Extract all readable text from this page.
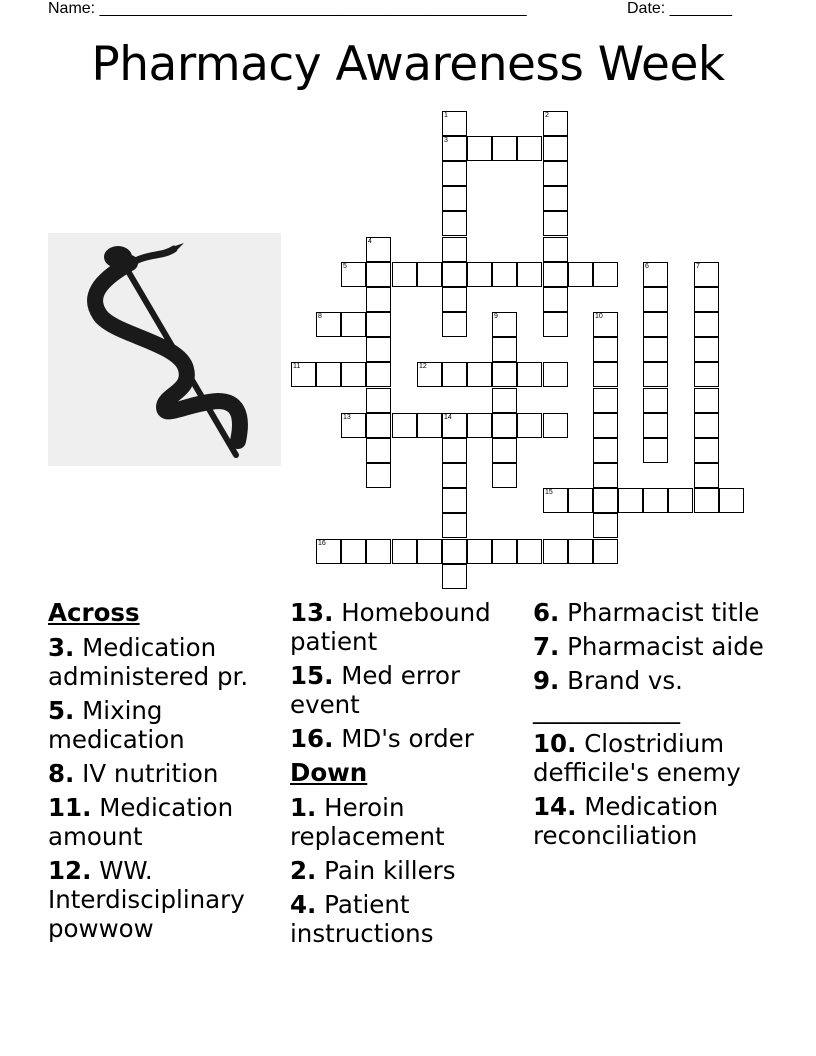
Name: ________________________________________________	Date: _______
Pharmacy Awareness Week
1	2
3
4
5	6	7
8	9	10
11	12
13	14
15
16
Across
3. Medication administered pr.
5. Mixing medication
8. IV nutrition
11. Medication amount
12. WW. Interdisciplinary powwow
13. Homebound patient
15. Med error event
16. MD's order
Down
1. Heroin replacement
2. Pain killers
4. Patient instructions
6. Pharmacist title
7. Pharmacist aide
9. Brand vs. ____________
10. Clostridium defficile's enemy
14. Medication reconciliation
